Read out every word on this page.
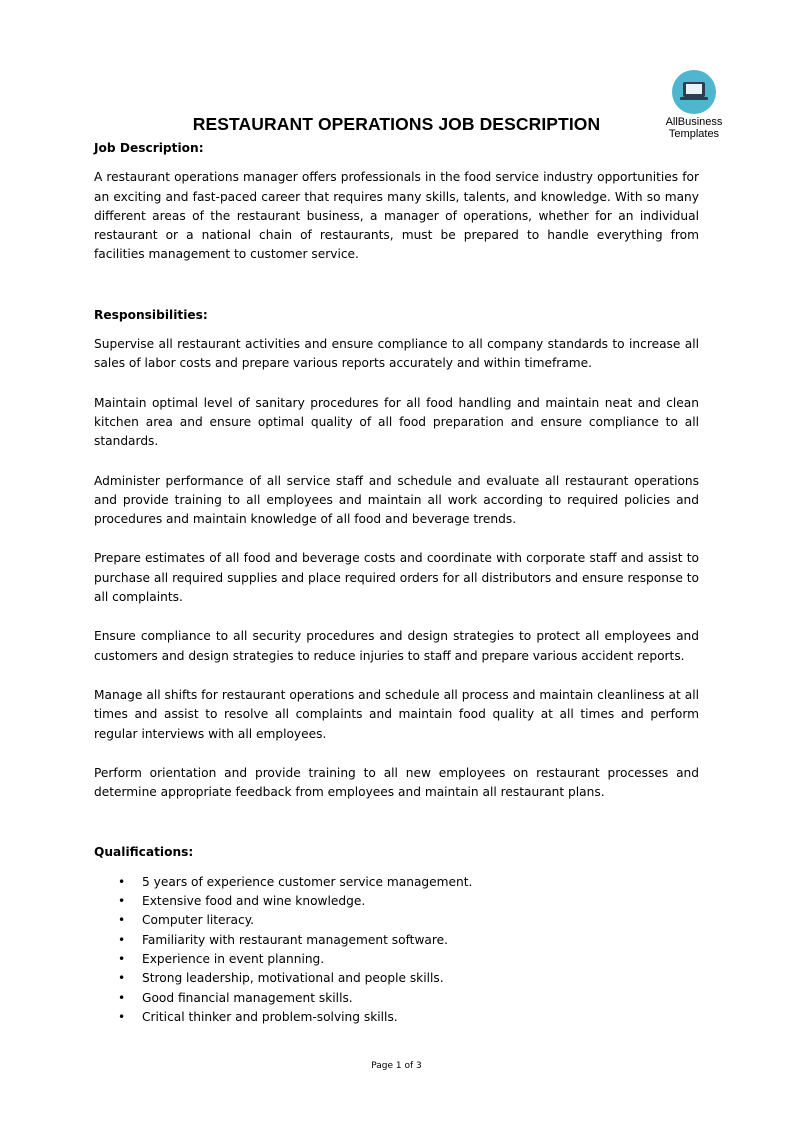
AllBusiness
Templates
RESTAURANT OPERATIONS JOB DESCRIPTION

Job Description:

A restaurant operations manager offers professionals in the food service industry opportunities for an exciting and fast-paced career that requires many skills, talents, and knowledge. With so many different areas of the restaurant business, a manager of operations, whether for an individual restaurant or a national chain of restaurants, must be prepared to handle everything from facilities management to customer service.

Responsibilities:

Supervise all restaurant activities and ensure compliance to all company standards to increase all sales of labor costs and prepare various reports accurately and within timeframe.

Maintain optimal level of sanitary procedures for all food handling and maintain neat and clean kitchen area and ensure optimal quality of all food preparation and ensure compliance to all standards.

Administer performance of all service staff and schedule and evaluate all restaurant operations and provide training to all employees and maintain all work according to required policies and procedures and maintain knowledge of all food and beverage trends.

Prepare estimates of all food and beverage costs and coordinate with corporate staff and assist to purchase all required supplies and place required orders for all distributors and ensure response to all complaints.

Ensure compliance to all security procedures and design strategies to protect all employees and customers and design strategies to reduce injuries to staff and prepare various accident reports.

Manage all shifts for restaurant operations and schedule all process and maintain cleanliness at all times and assist to resolve all complaints and maintain food quality at all times and perform regular interviews with all employees.

Perform orientation and provide training to all new employees on restaurant processes and determine appropriate feedback from employees and maintain all restaurant plans.

Qualifications:

• 5 years of experience customer service management.
• Extensive food and wine knowledge.
• Computer literacy.
• Familiarity with restaurant management software.
• Experience in event planning.
• Strong leadership, motivational and people skills.
• Good financial management skills.
• Critical thinker and problem-solving skills.
Page 1 of 3
